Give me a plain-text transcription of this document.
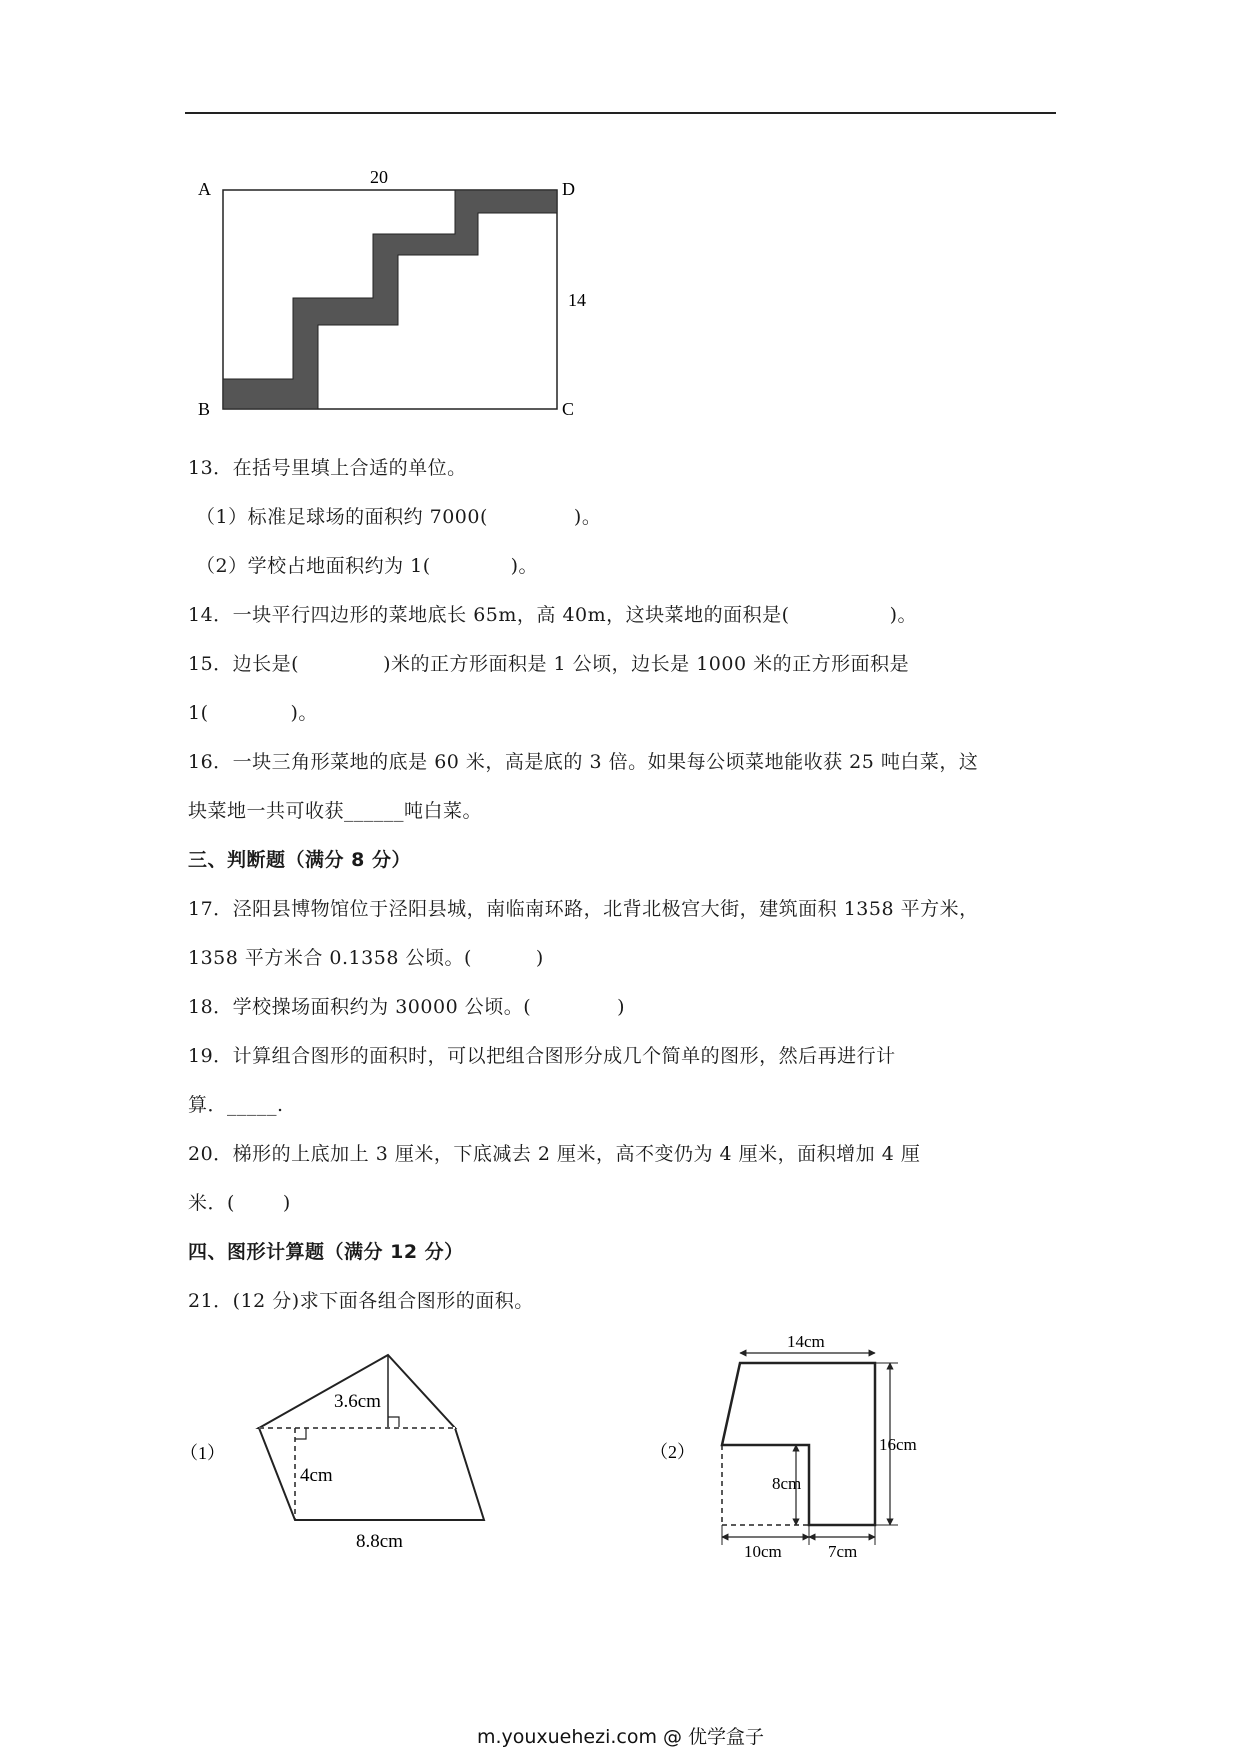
A	D
B	C
20
14
13．在括号里填上合适的单位。
（1）标准足球场的面积约 7000(	)。
（2）学校占地面积约为 1(	)。
14．一块平行四边形的菜地底长 65m，高 40m，这块菜地的面积是(	)。
15．边长是(	)米的正方形面积是 1 公顷，边长是 1000 米的正方形面积是
1(	)。
16．一块三角形菜地的底是 60 米，高是底的 3 倍。如果每公顷菜地能收获 25 吨白菜，这
块菜地一共可收获______吨白菜。
三、判断题（满分 8 分）
17．泾阳县博物馆位于泾阳县城，南临南环路，北背北极宫大街，建筑面积 1358 平方米，
1358 平方米合 0.1358 公顷。(	)
18．学校操场面积约为 30000 公顷。(	)
19．计算组合图形的面积时，可以把组合图形分成几个简单的图形，然后再进行计
算．_____.
20．梯形的上底加上 3 厘米，下底减去 2 厘米，高不变仍为 4 厘米，面积增加 4 厘
米．(	)
四、图形计算题（满分 12 分）
21．(12 分)求下面各组合图形的面积。
（1）
3.6cm
4cm
8.8cm
（2）
14cm
16cm
8cm
10cm	7cm
m.youxuehezi.com @ 优学盒子
